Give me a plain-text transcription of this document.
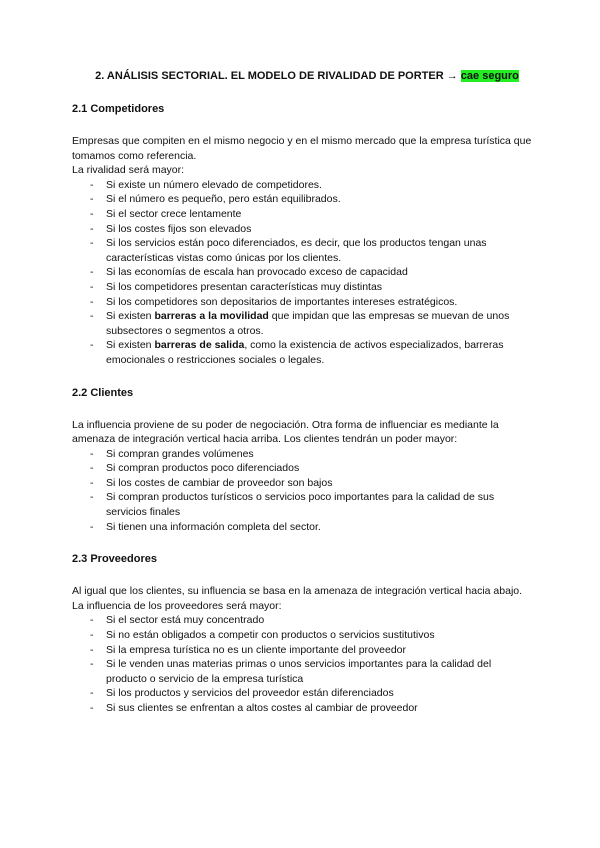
2. ANÁLISIS SECTORIAL. EL MODELO DE RIVALIDAD DE PORTER → cae seguro
2.1 Competidores

Empresas que compiten en el mismo negocio y en el mismo mercado que la empresa turística que tomamos como referencia.

La rivalidad será mayor:

- Si existe un número elevado de competidores.
- Si el número es pequeño, pero están equilibrados.
- Si el sector crece lentamente
- Si los costes fijos son elevados
- Si los servicios están poco diferenciados, es decir, que los productos tengan unas características vistas como únicas por los clientes.
- Si las economías de escala han provocado exceso de capacidad
- Si los competidores presentan características muy distintas
- Si los competidores son depositarios de importantes intereses estratégicos.
- Si existen barreras a la movilidad que impidan que las empresas se muevan de unos subsectores o segmentos a otros.
- Si existen barreras de salida, como la existencia de activos especializados, barreras emocionales o restricciones sociales o legales.
2.2 Clientes

La influencia proviene de su poder de negociación. Otra forma de influenciar es mediante la amenaza de integración vertical hacia arriba. Los clientes tendrán un poder mayor:

- Si compran grandes volúmenes
- Si compran productos poco diferenciados
- Si los costes de cambiar de proveedor son bajos
- Si compran productos turísticos o servicios poco importantes para la calidad de sus servicios finales
- Si tienen una información completa del sector.
2.3 Proveedores

Al igual que los clientes, su influencia se basa en la amenaza de integración vertical hacia abajo. La influencia de los proveedores será mayor:

- Si el sector está muy concentrado
- Si no están obligados a competir con productos o servicios sustitutivos
- Si la empresa turística no es un cliente importante del proveedor
- Si le venden unas materias primas o unos servicios importantes para la calidad del producto o servicio de la empresa turística
- Si los productos y servicios del proveedor están diferenciados
- Si sus clientes se enfrentan a altos costes al cambiar de proveedor
